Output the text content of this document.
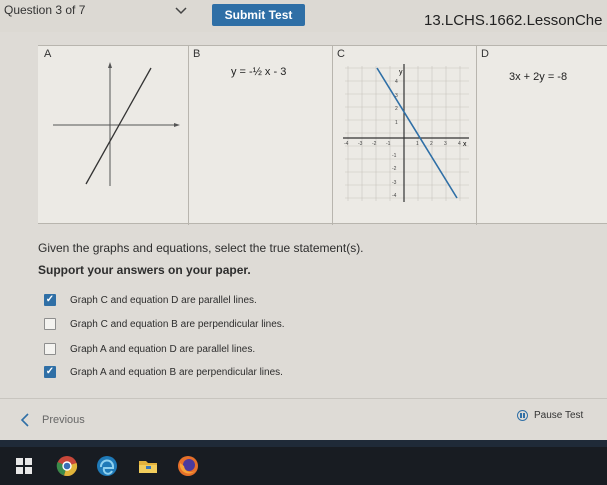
Question 3 of 7	Submit Test	13.LCHS.1662.LessonChe
A	B
y = -½ x - 3
C
y
x
4
3
2
1
-1
-2
-3
-4
-4 -3 -2 -1	1 2 3 4
D
3x + 2y = -8
Given the graphs and equations, select the true statement(s).
Support your answers on your paper.
✓ Graph C and equation D are parallel lines.
Graph C and equation B are perpendicular lines.
Graph A and equation D are parallel lines.
✓ Graph A and equation B are perpendicular lines.
Previous	Pause Test
